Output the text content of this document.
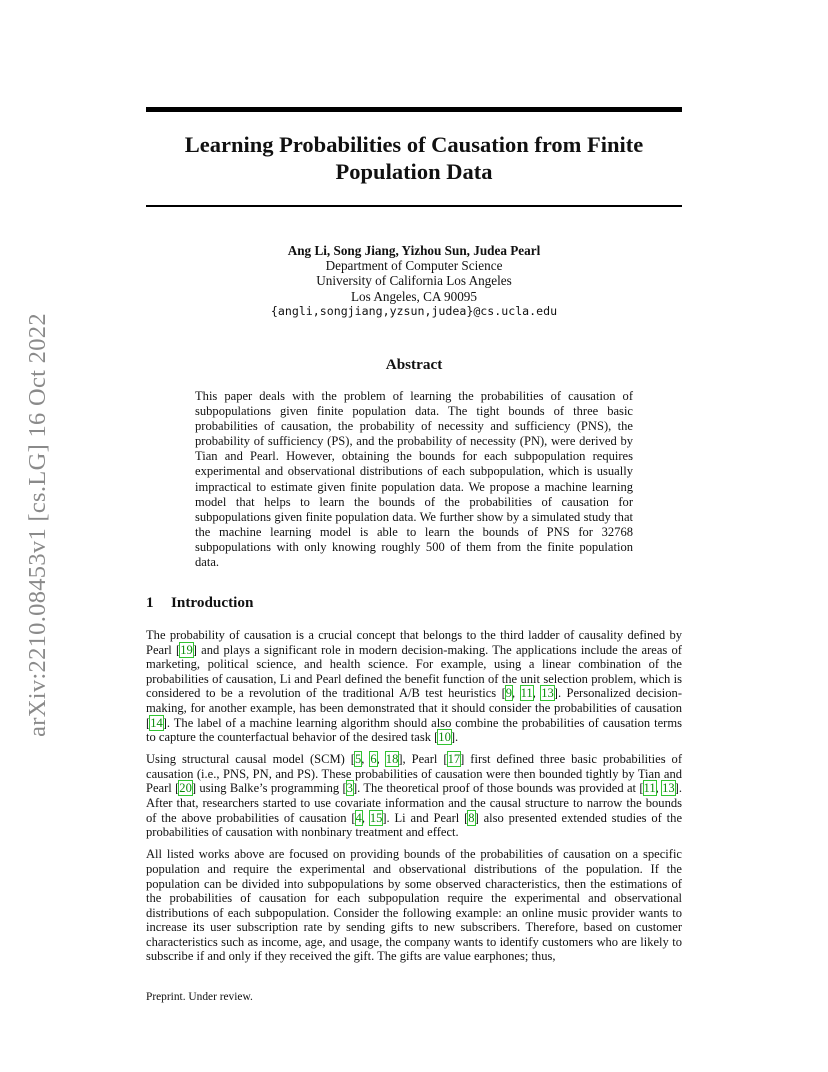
arXiv:2210.08453v1 [cs.LG] 16 Oct 2022
Learning Probabilities of Causation from Finite
Population Data
Ang Li, Song Jiang, Yizhou Sun, Judea Pearl
Department of Computer Science
University of California Los Angeles
Los Angeles, CA 90095
{angli,songjiang,yzsun,judea}@cs.ucla.edu
Abstract
This paper deals with the problem of learning the probabilities of causation of subpopulations given finite population data. The tight bounds of three basic probabilities of causation, the probability of necessity and sufficiency (PNS), the probability of sufficiency (PS), and the probability of necessity (PN), were derived by Tian and Pearl. However, obtaining the bounds for each subpopulation requires experimental and observational distributions of each subpopulation, which is usually impractical to estimate given finite population data. We propose a machine learning model that helps to learn the bounds of the probabilities of causation for subpopulations given finite population data. We further show by a simulated study that the machine learning model is able to learn the bounds of PNS for 32768 subpopulations with only knowing roughly 500 of them from the finite population data.
1 Introduction

The probability of causation is a crucial concept that belongs to the third ladder of causality defined by Pearl [19] and plays a significant role in modern decision-making. The applications include the areas of marketing, political science, and health science. For example, using a linear combination of the probabilities of causation, Li and Pearl defined the benefit function of the unit selection problem, which is considered to be a revolution of the traditional A/B test heuristics [9, 11, 13]. Personalized decision-making, for another example, has been demonstrated that it should consider the probabilities of causation [14]. The label of a machine learning algorithm should also combine the probabilities of causation terms to capture the counterfactual behavior of the desired task [10].

Using structural causal model (SCM) [5, 6, 18], Pearl [17] first defined three basic probabilities of causation (i.e., PNS, PN, and PS). These probabilities of causation were then bounded tightly by Tian and Pearl [20] using Balke’s programming [3]. The theoretical proof of those bounds was provided at [11, 13]. After that, researchers started to use covariate information and the causal structure to narrow the bounds of the above probabilities of causation [4, 15]. Li and Pearl [8] also presented extended studies of the probabilities of causation with nonbinary treatment and effect.

All listed works above are focused on providing bounds of the probabilities of causation on a specific population and require the experimental and observational distributions of the population. If the population can be divided into subpopulations by some observed characteristics, then the estimations of the probabilities of causation for each subpopulation require the experimental and observational distributions of each subpopulation. Consider the following example: an online music provider wants to increase its user subscription rate by sending gifts to new subscribers. Therefore, based on customer characteristics such as income, age, and usage, the company wants to identify customers who are likely to subscribe if and only if they received the gift. The gifts are value earphones; thus,

Preprint. Under review.
